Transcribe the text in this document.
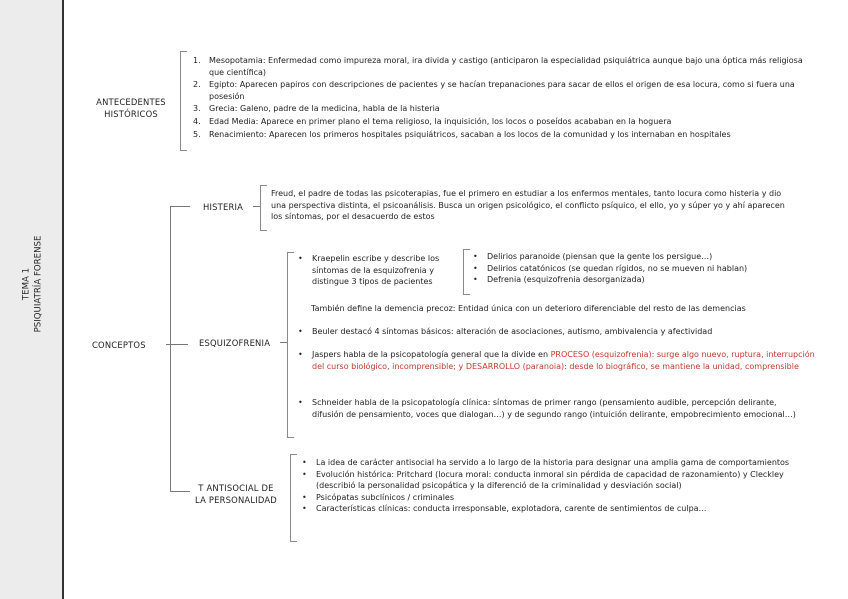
TEMA 1 PSIQUIATRÍA FORENSE
ANTECEDENTES HISTÓRICOS
1. Mesopotamia: Enfermedad como impureza moral, ira divida y castigo (anticiparon la especialidad psiquiátrica aunque bajo una óptica más religiosa que científica)
2. Egipto: Aparecen papiros con descripciones de pacientes y se hacían trepanaciones para sacar de ellos el origen de esa locura, como si fuera una posesión
3. Grecia: Galeno, padre de la medicina, habla de la histeria
4. Edad Media: Aparece en primer plano el tema religioso, la inquisición, los locos o poseídos acababan en la hoguera
5. Renacimiento: Aparecen los primeros hospitales psiquiátricos, sacaban a los locos de la comunidad y los internaban en hospitales
CONCEPTOS
HISTERIA
Freud, el padre de todas las psicoterapias, fue el primero en estudiar a los enfermos mentales, tanto locura como histeria y dio una perspectiva distinta, el psicoanálisis. Busca un origen psicológico, el conflicto psíquico, el ello, yo y súper yo y ahí aparecen los síntomas, por el desacuerdo de estos
ESQUIZOFRENIA
• Kraepelin escribe y describe los síntomas de la esquizofrenia y distingue 3 tipos de pacientes
• Delirios paranoide (piensan que la gente los persigue…)
• Delirios catatónicos (se quedan rígidos, no se mueven ni hablan)
• Defrenia (esquizofrenia desorganizada)
También define la demencia precoz: Entidad única con un deterioro diferenciable del resto de las demencias
• Beuler destacó 4 síntomas básicos: alteración de asociaciones, autismo, ambivalencia y afectividad
• Jaspers habla de la psicopatología general que la divide en PROCESO (esquizofrenia): surge algo nuevo, ruptura, interrupción del curso biológico, incomprensible; y DESARROLLO (paranoia): desde lo biográfico, se mantiene la unidad, comprensible
• Schneider habla de la psicopatología clínica: síntomas de primer rango (pensamiento audible, percepción delirante, difusión de pensamiento, voces que dialogan…) y de segundo rango (intuición delirante, empobrecimiento emocional…)
T ANTISOCIAL DE
LA PERSONALIDAD
• La idea de carácter antisocial ha servido a lo largo de la historia para designar una amplia gama de comportamientos
• Evolución histórica: Pritchard (locura moral: conducta inmoral sin pérdida de capacidad de razonamiento) y Cleckley (describió la personalidad psicopática y la diferenció de la criminalidad y desviación social)
• Psicópatas subclínicos / criminales
• Características clínicas: conducta irresponsable, explotadora, carente de sentimientos de culpa…
